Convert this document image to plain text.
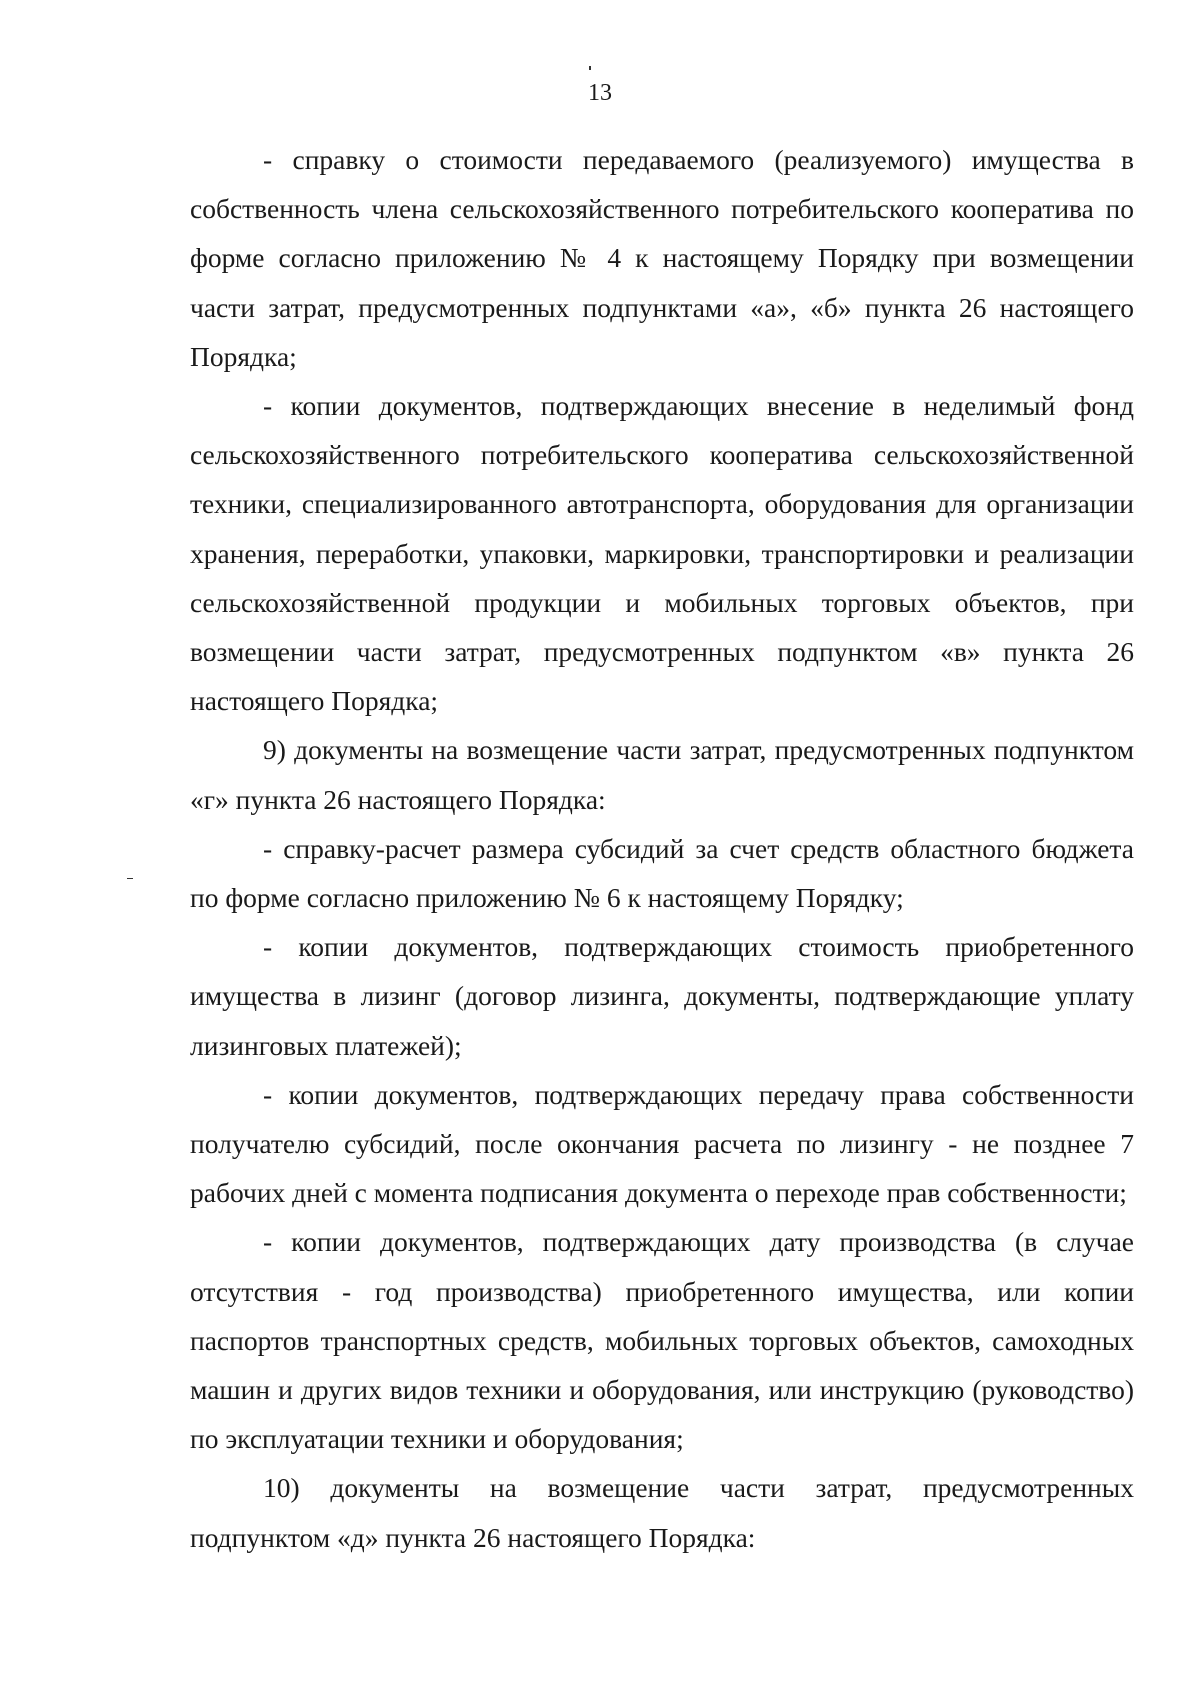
13

- справку о стоимости передаваемого (реализуемого) имущества в собственность члена сельскохозяйственного потребительского кооператива по форме согласно приложению № 4 к настоящему Порядку при возмещении части затрат, предусмотренных подпунктами «а», «б» пункта 26 настоящего Порядка;

- копии документов, подтверждающих внесение в неделимый фонд сельскохозяйственного потребительского кооператива сельскохозяйственной техники, специализированного автотранспорта, оборудования для организации хранения, переработки, упаковки, маркировки, транспортировки и реализации сельскохозяйственной продукции и мобильных торговых объектов, при возмещении части затрат, предусмотренных подпунктом «в» пункта 26 настоящего Порядка;

9) документы на возмещение части затрат, предусмотренных подпунктом «г» пункта 26 настоящего Порядка:

- справку-расчет размера субсидий за счет средств областного бюджета по форме согласно приложению № 6 к настоящему Порядку;

- копии документов, подтверждающих стоимость приобретенного имущества в лизинг (договор лизинга, документы, подтверждающие уплату лизинговых платежей);

- копии документов, подтверждающих передачу права собственности получателю субсидий, после окончания расчета по лизингу - не позднее 7 рабочих дней с момента подписания документа о переходе прав собственности;

- копии документов, подтверждающих дату производства (в случае отсутствия - год производства) приобретенного имущества, или копии паспортов транспортных средств, мобильных торговых объектов, самоходных машин и других видов техники и оборудования, или инструкцию (руководство) по эксплуатации техники и оборудования;

10) документы на возмещение части затрат, предусмотренных подпунктом «д» пункта 26 настоящего Порядка:
